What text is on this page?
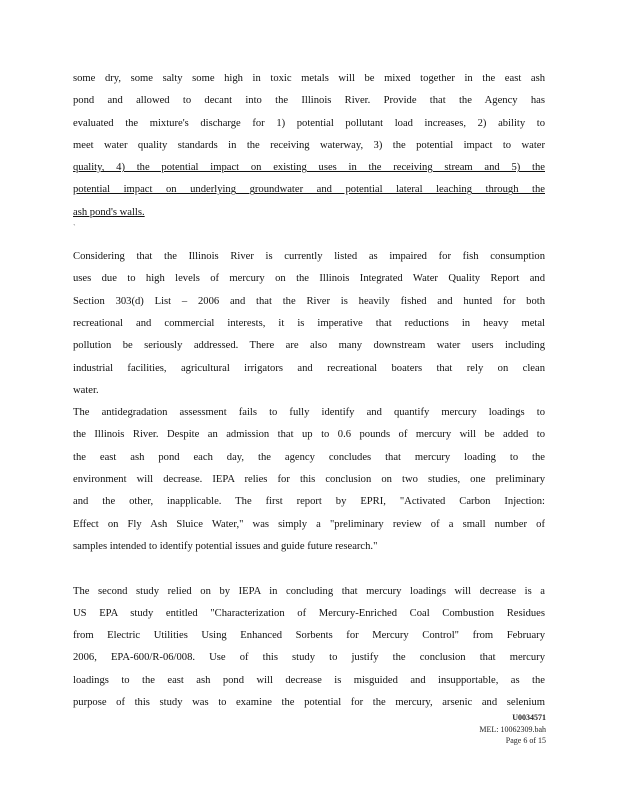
some dry, some salty some high in toxic metals will be mixed together in the east ash
pond and allowed to decant into the Illinois River. Provide that the Agency has
evaluated the mixture's discharge for 1) potential pollutant load increases, 2) ability to
meet water quality standards in the receiving waterway, 3) the potential impact to water
quality, 4) the potential impact on existing uses in the receiving stream and 5) the
potential impact on underlying groundwater and potential lateral leaching through the
ash pond's walls.
`
Considering that the Illinois River is currently listed as impaired for fish consumption
uses due to high levels of mercury on the Illinois Integrated Water Quality Report and
Section 303(d) List – 2006 and that the River is heavily fished and hunted for both
recreational and commercial interests, it is imperative that reductions in heavy metal
pollution be seriously addressed. There are also many downstream water users including
industrial facilities, agricultural irrigators and recreational boaters that rely on clean
water.
The antidegradation assessment fails to fully identify and quantify mercury loadings to
the Illinois River. Despite an admission that up to 0.6 pounds of mercury will be added to
the east ash pond each day, the agency concludes that mercury loading to the
environment will decrease. IEPA relies for this conclusion on two studies, one preliminary
and the other, inapplicable. The first report by EPRI, "Activated Carbon Injection:
Effect on Fly Ash Sluice Water," was simply a "preliminary review of a small number of
samples intended to identify potential issues and guide future research."
The second study relied on by IEPA in concluding that mercury loadings will decrease is a
US EPA study entitled "Characterization of Mercury-Enriched Coal Combustion Residues
from Electric Utilities Using Enhanced Sorbents for Mercury Control" from February
2006, EPA-600/R-06/008. Use of this study to justify the conclusion that mercury
loadings to the east ash pond will decrease is misguided and insupportable, as the
purpose of this study was to examine the potential for the mercury, arsenic and selenium
U0034571
MEL: 10062309.bah
Page 6 of 15
